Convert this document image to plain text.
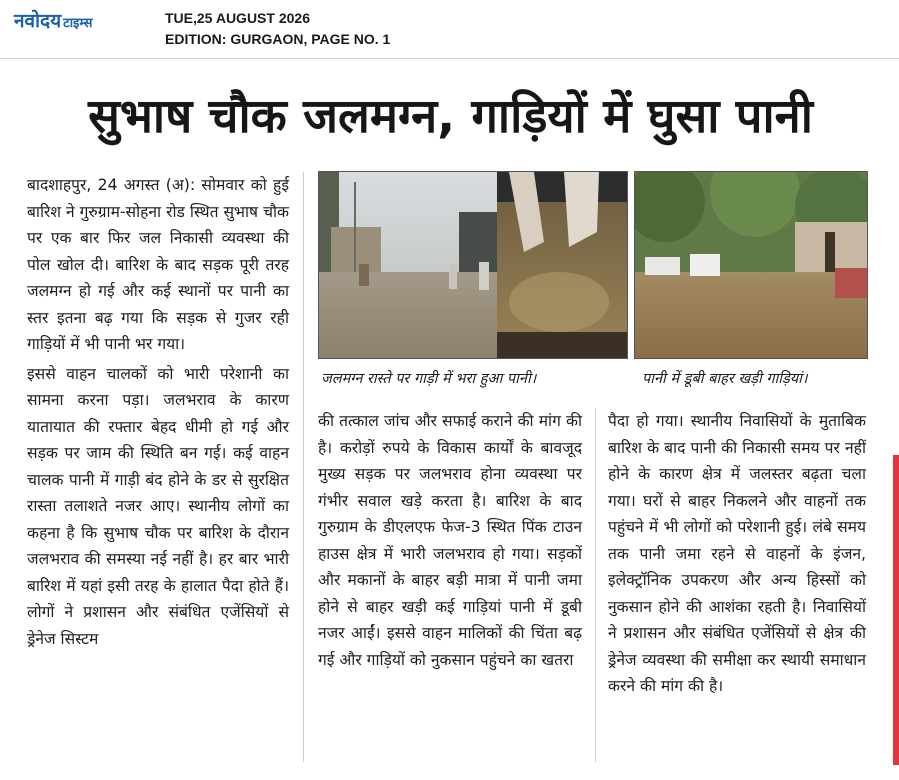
नवोदय टाइम्स	TUE,25 AUGUST 2026
EDITION: GURGAON, PAGE NO. 1
सुभाष चौक जलमग्न, गाड़ियों में घुसा पानी

बादशाहपुर, 24 अगस्त (अ): सोमवार को हुई बारिश ने गुरुग्राम-सोहना रोड स्थित सुभाष चौक पर एक बार फिर जल निकासी व्यवस्था की पोल खोल दी। बारिश के बाद सड़क पूरी तरह जलमग्न हो गई और कई स्थानों पर पानी का स्तर इतना बढ़ गया कि सड़क से गुजर रही गाड़ियों में भी पानी भर गया।

इससे वाहन चालकों को भारी परेशानी का सामना करना पड़ा। जलभराव के कारण यातायात की रफ्तार बेहद धीमी हो गई और सड़क पर जाम की स्थिति बन गई। कई वाहन चालक पानी में गाड़ी बंद होने के डर से सुरक्षित रास्ता तलाशते नजर आए। स्थानीय लोगों का कहना है कि सुभाष चौक पर बारिश के दौरान जलभराव की समस्या नई नहीं है। हर बार भारी बारिश में यहां इसी तरह के हालात पैदा होते हैं। लोगों ने प्रशासन और संबंधित एजेंसियों से ड्रेनेज सिस्टम

जलमग्न रास्ते पर गाड़ी में भरा हुआ पानी।	पानी में डूबी बाहर खड़ी गाड़ियां।

की तत्काल जांच और सफाई कराने की मांग की है। करोड़ों रुपये के विकास कार्यों के बावजूद मुख्य सड़क पर जलभराव होना व्यवस्था पर गंभीर सवाल खड़े करता है। बारिश के बाद गुरुग्राम के डीएलएफ फेज-3 स्थित पिंक टाउन हाउस क्षेत्र में भारी जलभराव हो गया। सड़कों और मकानों के बाहर बड़ी मात्रा में पानी जमा होने से बाहर खड़ी कई गाड़ियां पानी में डूबी नजर आईं। इससे वाहन मालिकों की चिंता बढ़ गई और गाड़ियों को नुकसान पहुंचने का खतरा

पैदा हो गया। स्थानीय निवासियों के मुताबिक बारिश के बाद पानी की निकासी समय पर नहीं होने के कारण क्षेत्र में जलस्तर बढ़ता चला गया। घरों से बाहर निकलने और वाहनों तक पहुंचने में भी लोगों को परेशानी हुई। लंबे समय तक पानी जमा रहने से वाहनों के इंजन, इलेक्ट्रॉनिक उपकरण और अन्य हिस्सों को नुकसान होने की आशंका रहती है। निवासियों ने प्रशासन और संबंधित एजेंसियों से क्षेत्र की ड्रेनेज व्यवस्था की समीक्षा कर स्थायी समाधान करने की मांग की है।
